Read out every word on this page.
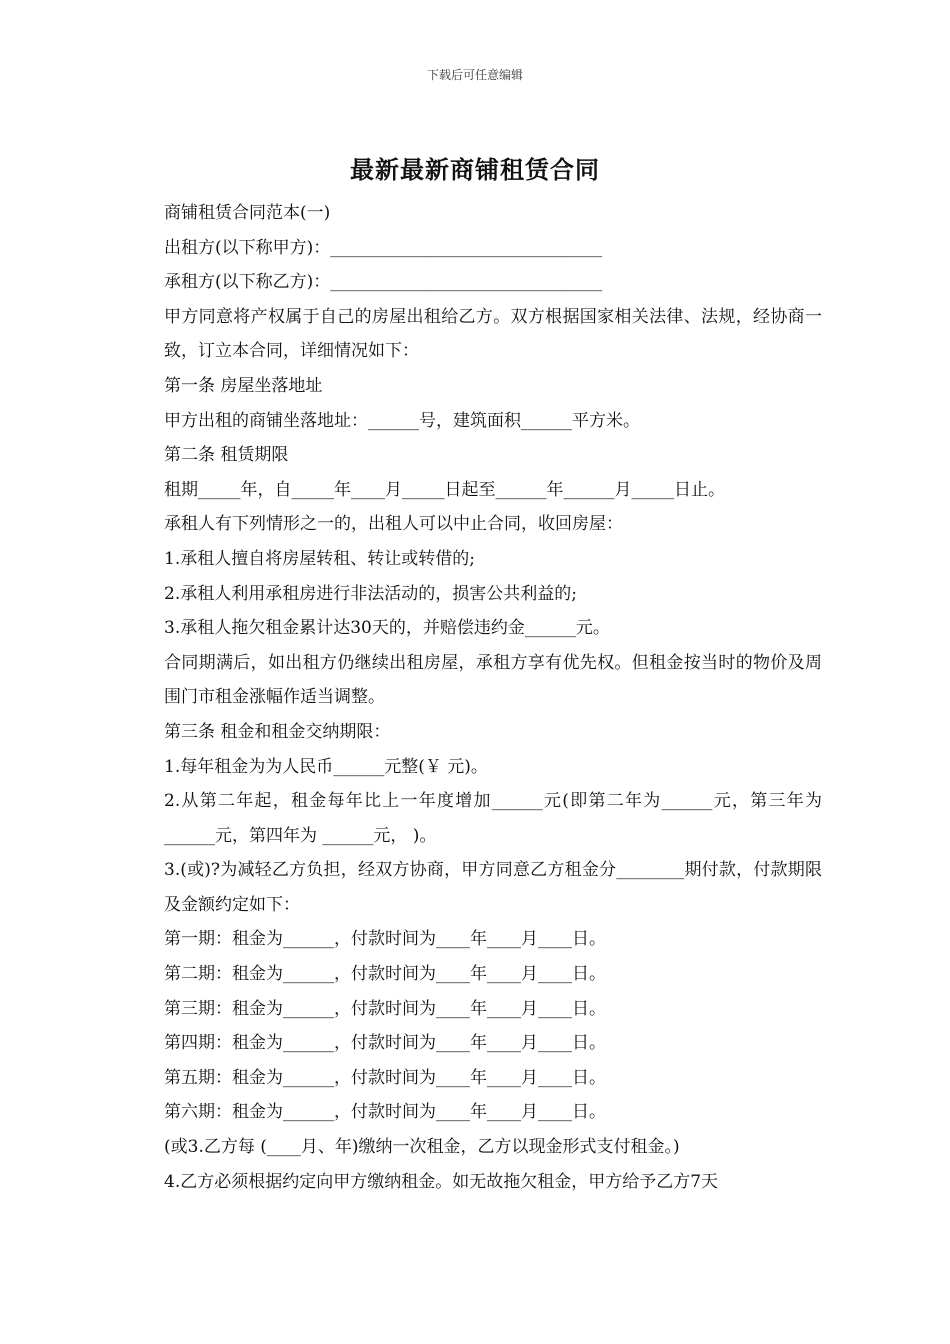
下载后可任意编辑
最新最新商铺租赁合同
商铺租赁合同范本(一)
出租方(以下称甲方)：________________________________
承租方(以下称乙方)：________________________________
甲方同意将产权属于自己的房屋出租给乙方。双方根据国家相关法律、法规，经协商一致，订立本合同，详细情况如下：
第一条 房屋坐落地址
甲方出租的商铺坐落地址：______号，建筑面积______平方米。
第二条 租赁期限
租期_____年，自_____年____月_____日起至______年______月_____日止。
承租人有下列情形之一的，出租人可以中止合同，收回房屋：
1.承租人擅自将房屋转租、转让或转借的;
2.承租人利用承租房进行非法活动的，损害公共利益的;
3.承租人拖欠租金累计达30天的，并赔偿违约金______元。
合同期满后，如出租方仍继续出租房屋，承租方享有优先权。但租金按当时的物价及周围门市租金涨幅作适当调整。
第三条 租金和租金交纳期限：
1.每年租金为为人民币______元整(￥ 元)。
2.从第二年起，租金每年比上一年度增加______元(即第二年为______元，第三年为 ______元，第四年为 ______元， )。
3.(或)?为减轻乙方负担，经双方协商，甲方同意乙方租金分________期付款，付款期限及金额约定如下：
第一期：租金为______，付款时间为____年____月____日。
第二期：租金为______，付款时间为____年____月____日。
第三期：租金为______，付款时间为____年____月____日。
第四期：租金为______，付款时间为____年____月____日。
第五期：租金为______，付款时间为____年____月____日。
第六期：租金为______，付款时间为____年____月____日。
(或3.乙方每 (____月、年)缴纳一次租金，乙方以现金形式支付租金。)
4.乙方必须根据约定向甲方缴纳租金。如无故拖欠租金，甲方给予乙方7天
